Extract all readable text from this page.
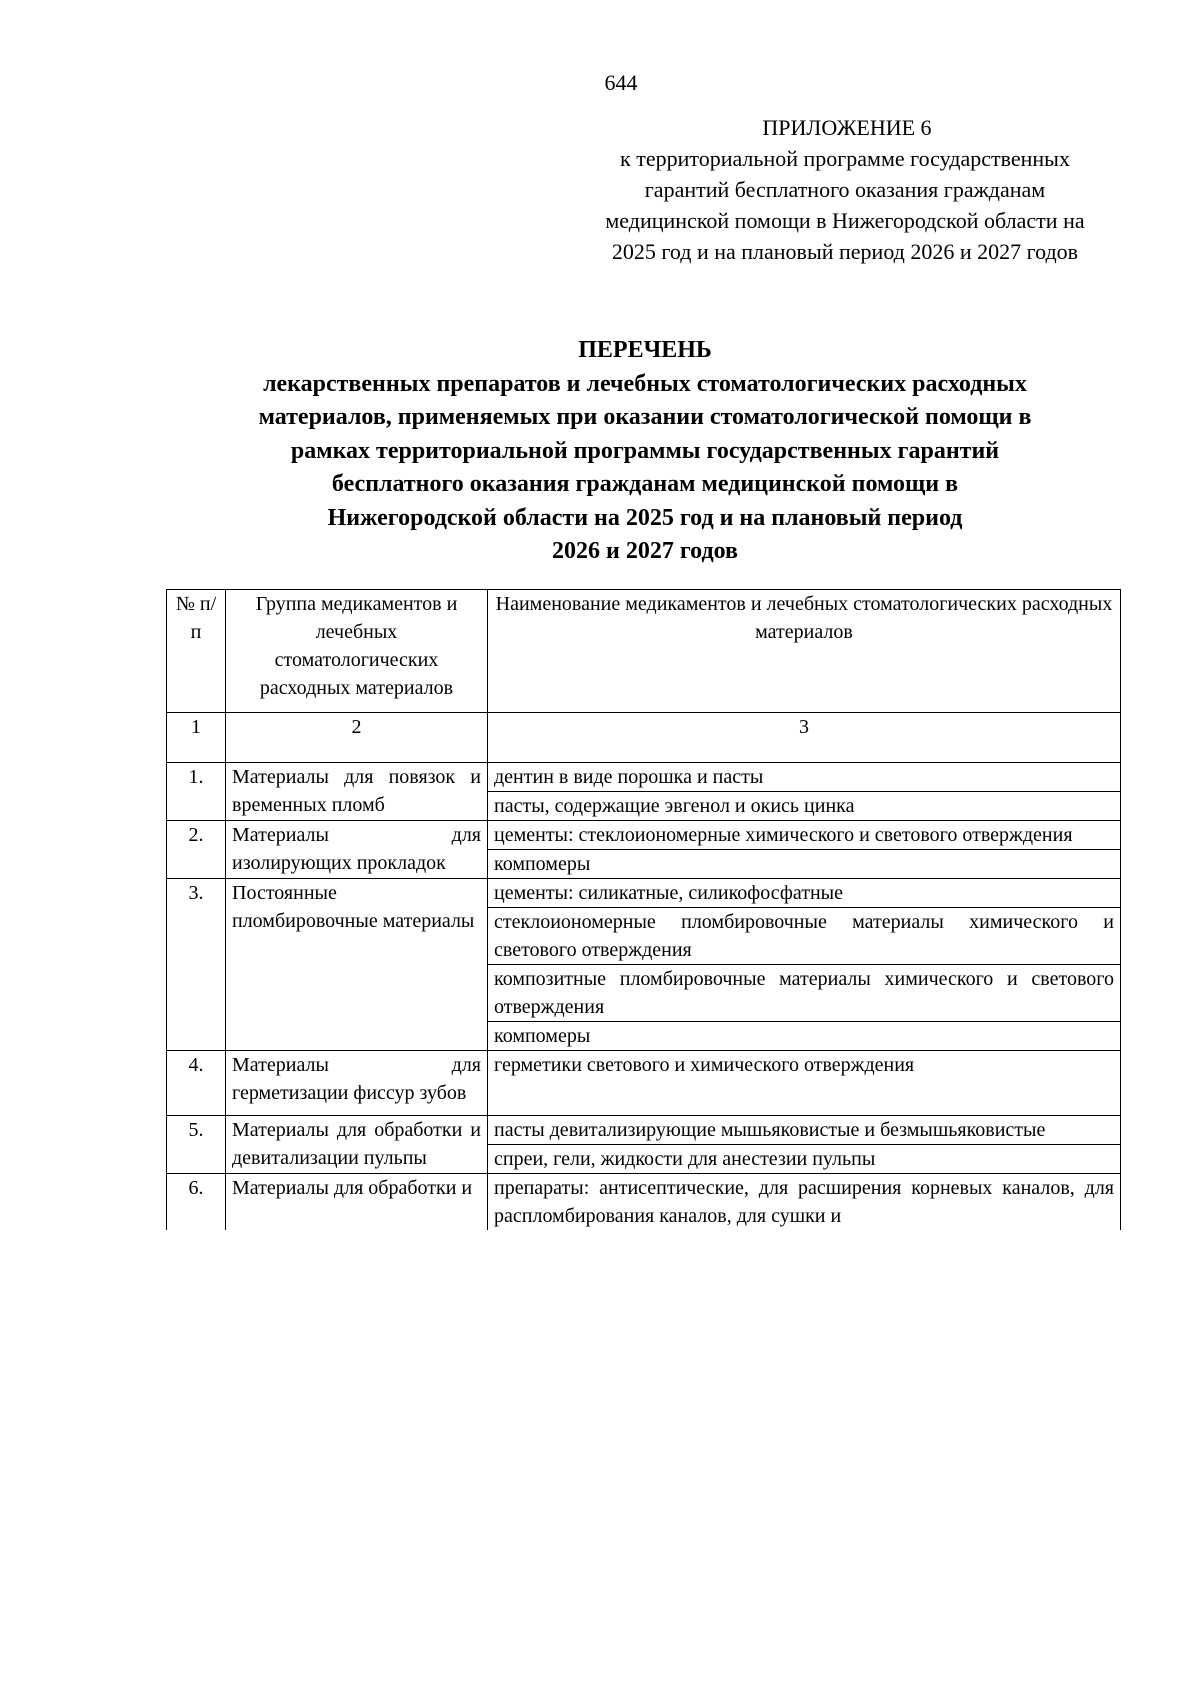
644
ПРИЛОЖЕНИЕ 6
к территориальной программе государственных
гарантий бесплатного оказания гражданам
медицинской помощи в Нижегородской области на
2025 год и на плановый период 2026 и 2027 годов
ПЕРЕЧЕНЬ
лекарственных препаратов и лечебных стоматологических расходных
материалов, применяемых при оказании стоматологической помощи в
рамках территориальной программы государственных гарантий
бесплатного оказания гражданам медицинской помощи в
Нижегородской области на 2025 год и на плановый период
2026 и 2027 годов
№ п/п	Группа медикаментов и лечебных стоматологических расходных материалов	Наименование медикаментов и лечебных стоматологических расходных материалов
1	2	3
1.	Материалы для повязок и временных пломб	дентин в виде порошка и пасты
		пасты, содержащие эвгенол и окись цинка
2.	Материалы для изолирующих прокладок	цементы: стеклоиономерные химического и светового отверждения
		компомеры
3.	Постоянные пломбировочные материалы	цементы: силикатные, силикофосфатные
		стеклоиономерные пломбировочные материалы химического и светового отверждения
		композитные пломбировочные материалы химического и светового отверждения
		компомеры
4.	Материалы для герметизации фиссур зубов	герметики светового и химического отверждения
5.	Материалы для обработки и девитализации пульпы	пасты девитализирующие мышьяковистые и безмышьяковистые
		спреи, гели, жидкости для анестезии пульпы
6.	Материалы для обработки и	препараты: антисептические, для расширения корневых каналов, для распломбирования каналов, для сушки и
